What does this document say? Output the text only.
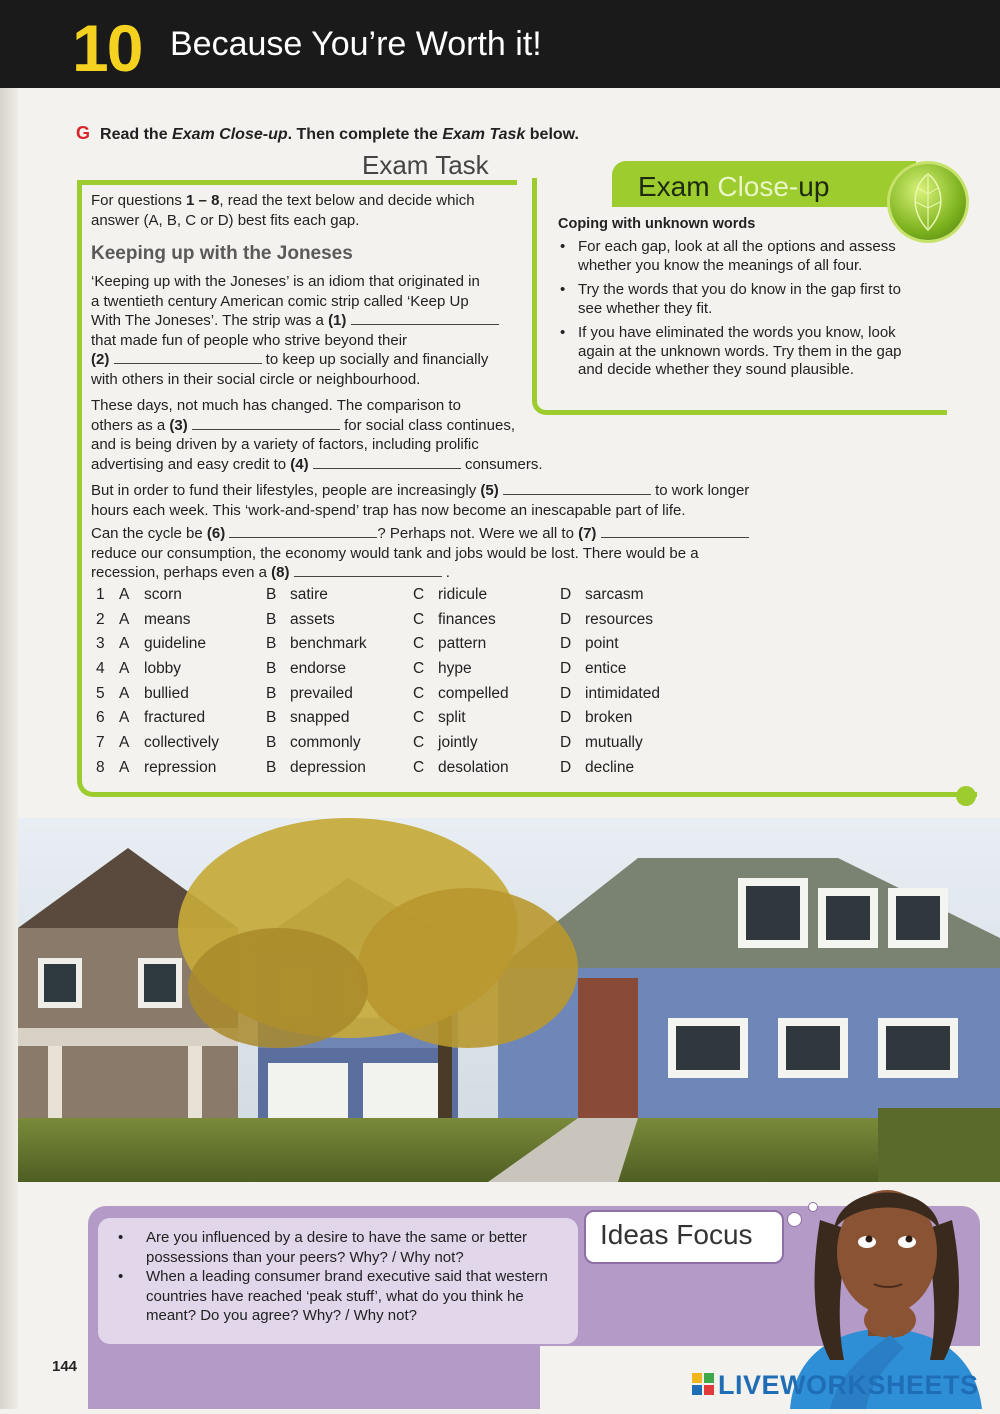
10 Because You’re Worth it!
G Read the Exam Close-up. Then complete the Exam Task below.
Exam Task
Exam Close-up
Coping with unknown words
• For each gap, look at all the options and assess whether you know the meanings of all four.
• Try the words that you do know in the gap first to see whether they fit.
• If you have eliminated the words you know, look again at the unknown words. Try them in the gap and decide whether they sound plausible.
For questions 1 – 8, read the text below and decide which
answer (A, B, C or D) best fits each gap.
Keeping up with the Joneses
‘Keeping up with the Joneses’ is an idiom that originated in
a twentieth century American comic strip called ‘Keep Up
With The Joneses’. The strip was a (1)
that made fun of people who strive beyond their
(2)	to keep up socially and financially
with others in their social circle or neighbourhood.
These days, not much has changed. The comparison to
others as a (3)	for social class continues,
and is being driven by a variety of factors, including prolific
advertising and easy credit to (4)	consumers.
But in order to fund their lifestyles, people are increasingly (5)	to work longer
hours each week. This ‘work-and-spend’ trap has now become an inescapable part of life.
Can the cycle be (6)	? Perhaps not. Were we all to (7)
reduce our consumption, the economy would tank and jobs would be lost. There would be a
recession, perhaps even a (8)	.
1 A scorn	B satire	C ridicule	D sarcasm
2 A means	B assets	C finances	D resources
3 A guideline	B benchmark	C pattern	D point
4 A lobby	B endorse	C hype	D entice
5 A bullied	B prevailed	C compelled	D intimidated
6 A fractured	B snapped	C split	D broken
7 A collectively	B commonly	C jointly	D mutually
8 A repression	B depression	C desolation	D decline
• Are you influenced by a desire to have the same or better possessions than your peers? Why? / Why not?
• When a leading consumer brand executive said that western countries have reached ‘peak stuff’, what do you think he meant? Do you agree? Why? / Why not?
Ideas Focus
144
LIVEWORKSHEETS
